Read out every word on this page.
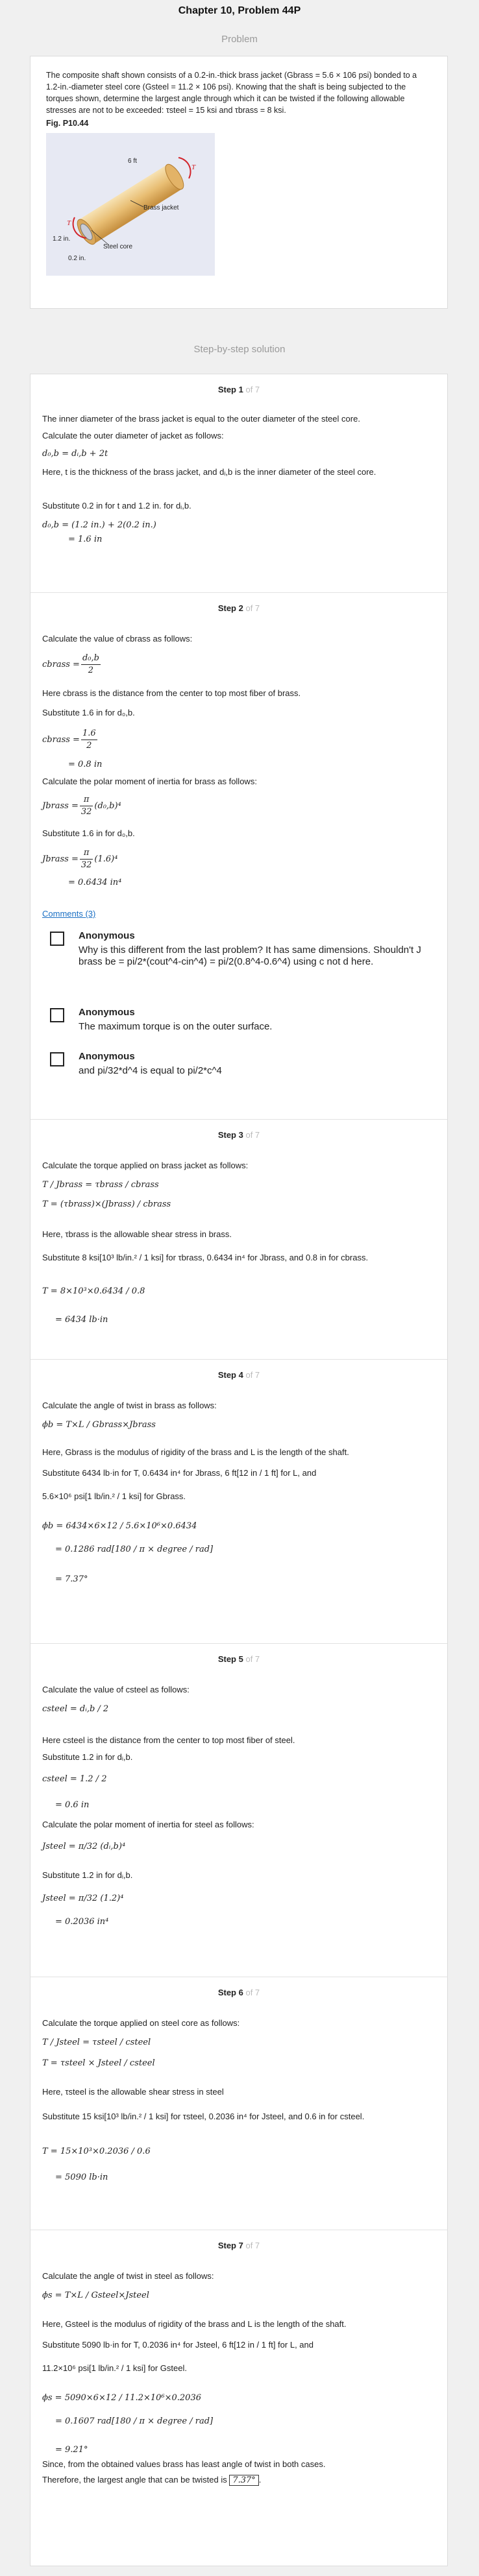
Chapter 10, Problem 44P
Problem
The composite shaft shown consists of a 0.2-in.-thick brass jacket (Gbrass = 5.6 × 106 psi) bonded to a 1.2-in.-diameter steel core (Gsteel = 11.2 × 106 psi). Knowing that the shaft is being subjected to the torques shown, determine the largest angle through which it can be twisted if the following allowable stresses are not to be exceeded: τsteel = 15 ksi and τbrass = 8 ksi.
Fig. P10.44
T
T
6 ft
Brass jacket
Steel core
1.2 in.
0.2 in.
Step-by-step solution
Step 1 of 7
The inner diameter of the brass jacket is equal to the outer diameter of the steel core.
Calculate the outer diameter of jacket as follows:
d₀,b = dᵢ,b + 2t
Here, t is the thickness of the brass jacket, and dᵢ,b is the inner diameter of the steel core.
Substitute 0.2 in for t and 1.2 in. for dᵢ,b.
d₀,b = (1.2 in.) + 2(0.2 in.)
= 1.6 in
Step 2 of 7
Calculate the value of cbrass as follows:
cbrass = $\frac{\text{d₀,b}}{2}$
Here cbrass is the distance from the center to top most fiber of brass.
Substitute 1.6 in for d₀,b.
cbrass = $\frac{1.6}{2}$
= 0.8 in
Calculate the polar moment of inertia for brass as follows:
Jbrass = $\frac{\pi}{32} (d_0,b)^4$
Substitute 1.6 in for d₀,b.
Jbrass = $\frac{\pi}{32} (1.6)^4$
= 0.6434 in⁴
Comments (3)
Anonymous
Why is this different from the last problem? It has same dimensions. Shouldn't J brass be = pi/2*(cout^4-cin^4) = pi/2(0.8^4-0.6^4) using c not d here.
Anonymous
The maximum torque is on the outer surface.
Anonymous
and pi/32*d^4 is equal to pi/2*c^4
Step 3 of 7
Calculate the torque applied on brass jacket as follows:
T / Jbrass = τbrass / cbrass
T = (τbrass)×(Jbrass) / cbrass
Here, τbrass is the allowable shear stress in brass.
Substitute 8 ksi[10³ lb/in.² / 1 ksi] for τbrass, 0.6434 in⁴ for Jbrass, and 0.8 in for cbrass.
T = 8×10³×0.6434 / 0.8
= 6434 lb·in
Step 4 of 7
Calculate the angle of twist in brass as follows:
ϕb = T×L / Gbrass×Jbrass
Here, Gbrass is the modulus of rigidity of the brass and L is the length of the shaft.
Substitute 6434 lb·in for T, 0.6434 in⁴ for Jbrass, 6 ft[12 in / 1 ft] for L, and
5.6×10⁶ psi[1 lb/in.² / 1 ksi] for Gbrass.
ϕb = 6434×6×12 / 5.6×10⁶×0.6434
= 0.1286 rad[180 / π × degree / rad]
= 7.37°
Step 5 of 7
Calculate the value of csteel as follows:
csteel = dᵢ,b / 2
Here csteel is the distance from the center to top most fiber of steel.
Substitute 1.2 in for dᵢ,b.
csteel = 1.2 / 2
= 0.6 in
Calculate the polar moment of inertia for steel as follows:
Jsteel = π/32 (dᵢ,b)⁴
Substitute 1.2 in for dᵢ,b.
Jsteel = π/32 (1.2)⁴
= 0.2036 in⁴
Step 6 of 7
Calculate the torque applied on steel core as follows:
T / Jsteel = τsteel / csteel
T = τsteel × Jsteel / csteel
Here, τsteel is the allowable shear stress in steel
Substitute 15 ksi[10³ lb/in.² / 1 ksi] for τsteel, 0.2036 in⁴ for Jsteel, and 0.6 in for csteel.
T = 15×10³×0.2036 / 0.6
= 5090 lb·in
Step 7 of 7
Calculate the angle of twist in steel as follows:
ϕs = T×L / Gsteel×Jsteel
Here, Gsteel is the modulus of rigidity of the brass and L is the length of the shaft.
Substitute 5090 lb·in for T, 0.2036 in⁴ for Jsteel, 6 ft[12 in / 1 ft] for L, and
11.2×10⁶ psi[1 lb/in.² / 1 ksi] for Gsteel.
ϕs = 5090×6×12 / 11.2×10⁶×0.2036
= 0.1607 rad[180 / π × degree / rad]
= 9.21°
Since, from the obtained values brass has least angle of twist in both cases.
Therefore, the largest angle that can be twisted is 7.37° .
